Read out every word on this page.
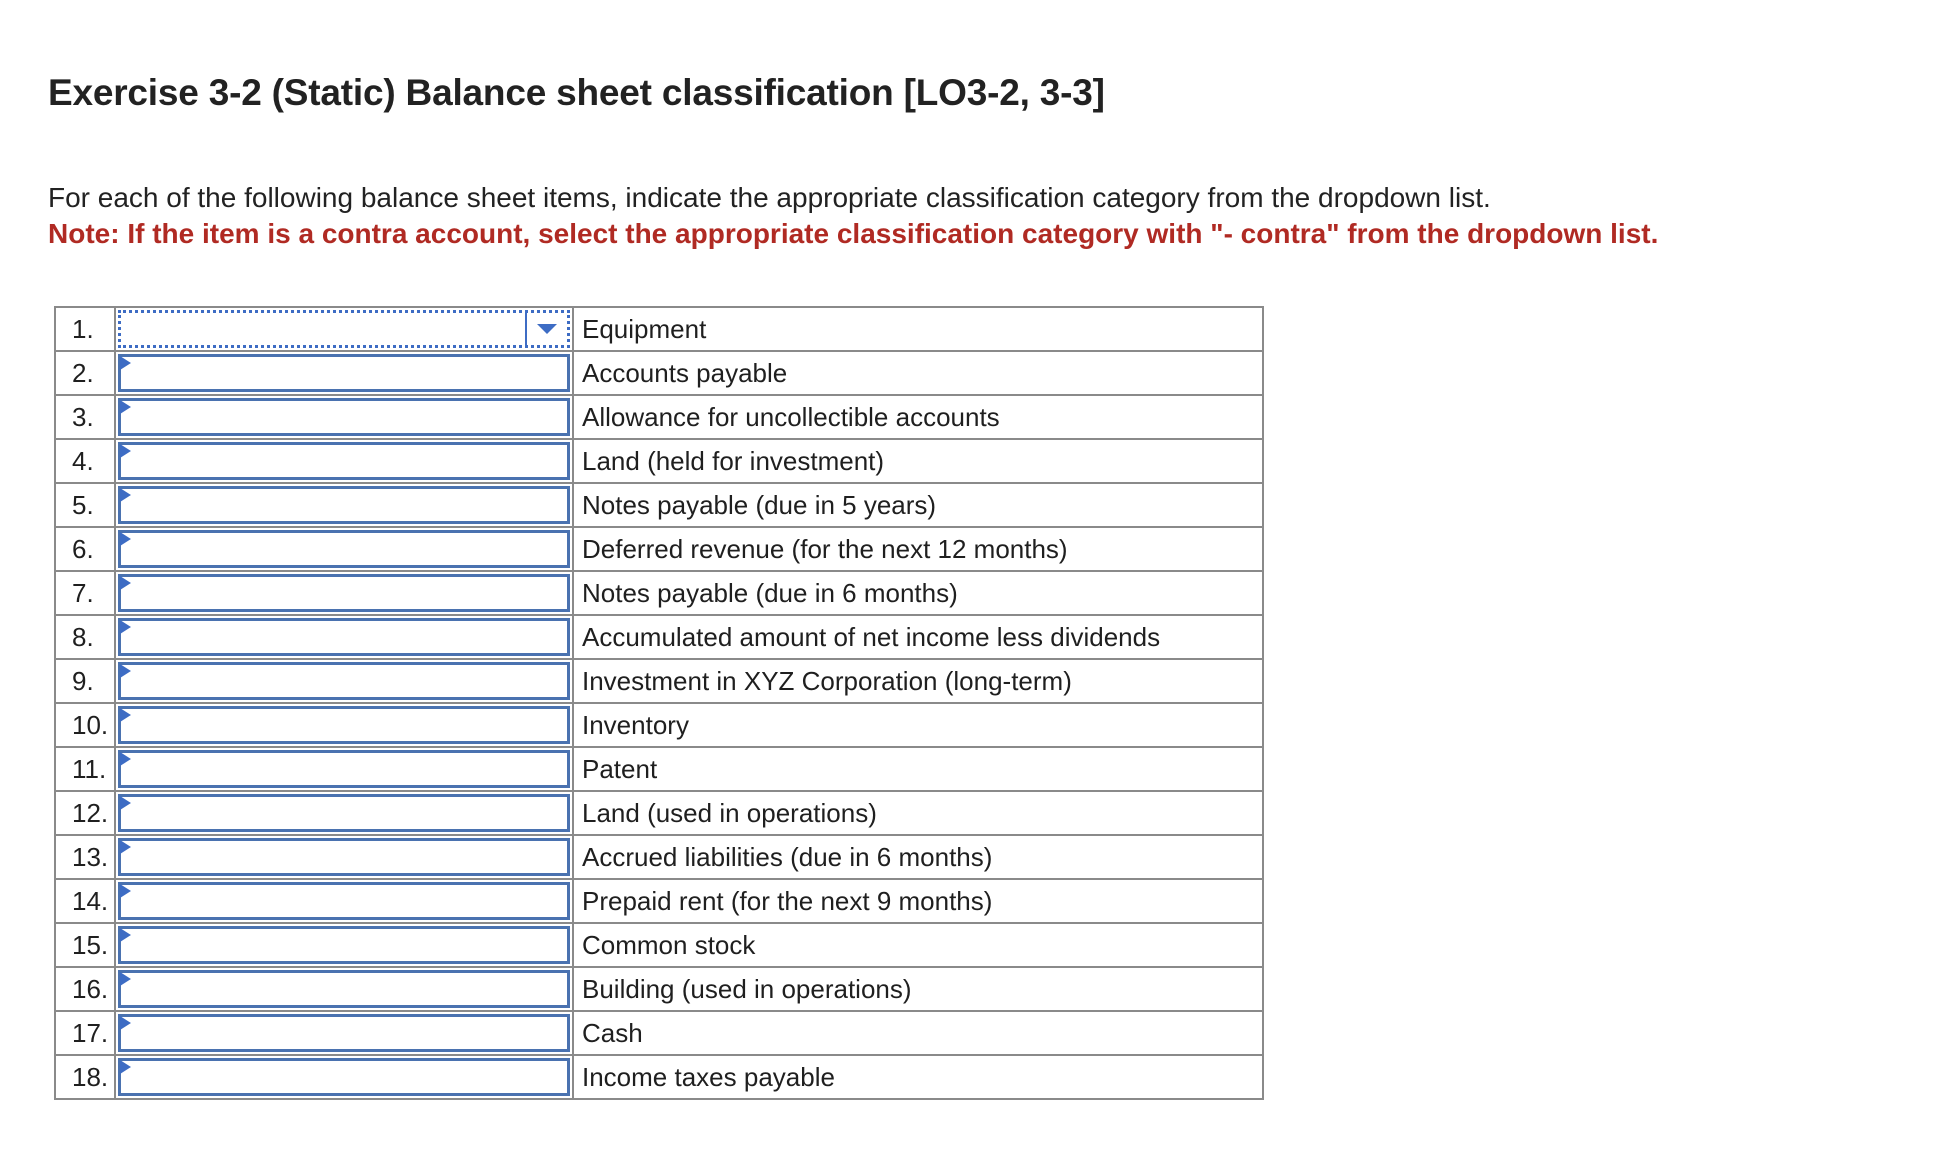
Exercise 3-2 (Static) Balance sheet classification [LO3-2, 3-3]
For each of the following balance sheet items, indicate the appropriate classification category from the dropdown list.
Note: If the item is a contra account, select the appropriate classification category with "- contra" from the dropdown list.
1.		Equipment
2.		Accounts payable
3.		Allowance for uncollectible accounts
4.		Land (held for investment)
5.		Notes payable (due in 5 years)
6.		Deferred revenue (for the next 12 months)
7.		Notes payable (due in 6 months)
8.		Accumulated amount of net income less dividends
9.		Investment in XYZ Corporation (long-term)
10.		Inventory
11.		Patent
12.		Land (used in operations)
13.		Accrued liabilities (due in 6 months)
14.		Prepaid rent (for the next 9 months)
15.		Common stock
16.		Building (used in operations)
17.		Cash
18.		Income taxes payable
